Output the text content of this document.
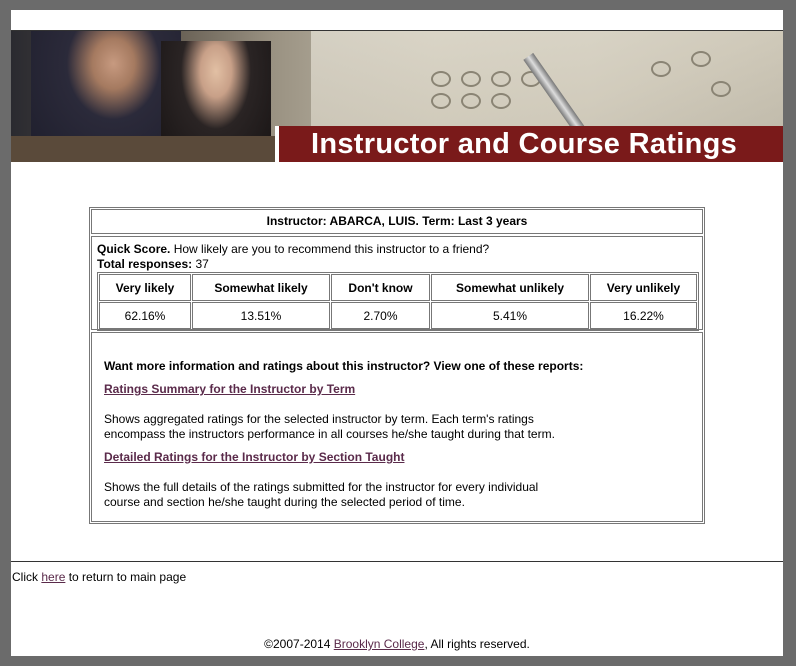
Instructor and Course Ratings
Instructor: ABARCA, LUIS. Term: Last 3 years
Quick Score. How likely are you to recommend this instructor to a friend?
Total responses: 37
Very likely	Somewhat likely	Don't know	Somewhat unlikely	Very unlikely
62.16%	13.51%	2.70%	5.41%	16.22%
Want more information and ratings about this instructor? View one of these reports:
Ratings Summary for the Instructor by Term
Shows aggregated ratings for the selected instructor by term. Each term's ratings encompass the instructors performance in all courses he/she taught during that term.
Detailed Ratings for the Instructor by Section Taught
Shows the full details of the ratings submitted for the instructor for every individual course and section he/she taught during the selected period of time.
Click here to return to main page
©2007-2014 Brooklyn College, All rights reserved.
